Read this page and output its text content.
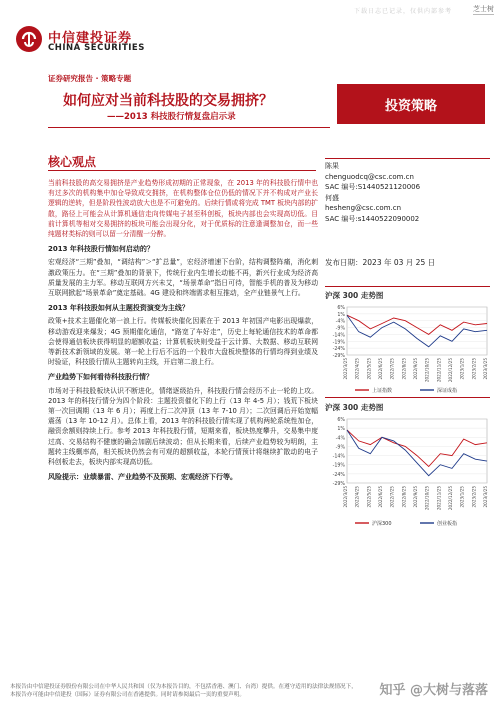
下载日志已记录，仅供内部参考	芝士树
中信建投证券
CHINA SECURITIES
证券研究报告 · 策略专题
如何应对当前科技股的交易拥挤？
——2013 科技股行情复盘启示录
投资策略
核心观点

当前科技股的高交易拥挤是产业趋势形成初期的正常现象，在 2013 年的科技股行情中也有过多次的机构集中加仓导致成交拥挤，在机构整体仓位仍低的情况下并不构成对产业长逻辑的逆转，但是阶段性波动放大也是不可避免的。后续行情或将完成 TMT 板块内部的扩散，路径上可能会从计算机通信走向传媒电子甚至科创板，板块内部也会实现高切低。目前计算机等相对交易拥挤的板块可能会出现分化，对于优质标的注意逢调整加仓，而一些纯题材类标的则可以留一分清醒一分醉。

2013 年科技股行情如何启动的？

宏观经济“三期”叠加，“调结构”＞“扩总量”，宏经济增速下台阶，结构调整阵痛，消化刺激政策压力。在“三期”叠加的背景下，传统行业内生增长动能不再，新兴行业成为经济高质量发展的主力军。移动互联网方兴未艾，“场景革命”指日可待，智能手机的普及为移动互联网掀起“场景革命”奠定基础。4G 建设和终端需求相互推动，全产业链景气上行。

2013 年科技股如何从主题投资演变为主线？

政策+技术主题催化第一浪上行。传媒板块催化因素在于 2013 年初国产电影出现爆款，移动游戏迎来爆发；4G 预期催化通信，“路宽了车好走”，历史上每轮通信技术的革命都会使得通信板块获得明显的超额收益；计算机板块则受益于云计算、大数据、移动互联网等新技术新领域的发展。第一轮上行后不远的一个股市大盘板块整体的行情均得到业绩及时验证，科技股行情从主题转向主线，开启第二浪上行。

产业趋势下如何看待科技股行情？

市场对于科技股板块认识不断进化，情绪逐级抬升，科技股行情会经历不止一轮的上攻。2013 年的科技行情分为四个阶段：主题投资催化下的上行（13 年 4-5 月）；钱荒下板块第一次回调期（13 年 6 月）；再度上行二次冲顶（13 年 7-10 月）；二次回调后开始宽幅震荡（13 年 10-12 月）。总体上看，2013 年的科技股行情实现了机构两轮系统性加仓，融资余额则持续上行。参考 2013 年科技股行情，短期来看，板块热度攀升，交易集中度过高、交易结构不健康的确会加剧后续波动；但从长期来看，后续产业趋势较为明朗，主题转主线概率高，相关板块仍然会有可观的超额收益，本轮行情预计将继续扩散动的电子科创板走去，板块内部实现高切低。

风险提示：业绩暴雷、产业趋势不及预期、宏观经济下行等。
陈果
chenguodcq@csc.com.cn
SAC 编号:S1440521120006
何盛
hesheng@csc.com.cn
SAC 编号:s1440522090002
发布日期：2023 年 03 月 25 日
沪深 300 走势图
6%
1%
-4%
-9%
-14%
-19%
-24%
-29%
2022/3/25 2022/4/25 2022/5/25 2022/6/25 2022/7/25 2022/8/25 2022/9/25 2022/10/25 2022/11/25 2022/12/25 2023/1/25 2023/2/25 2023/3/25
上证指数	深证成指
沪深 300 走势图
6%
1%
-4%
-9%
-14%
-19%
-24%
-29%
2022/3/25 2022/4/25 2022/5/25 2022/6/25 2022/7/25 2022/8/25 2022/9/25 2022/10/25 2022/11/25 2022/12/25 2023/1/25 2023/2/25 2023/3/25
沪深300	创业板指
本报告由中信建投证券股份有限公司在中华人民共和国（仅为本报告目的，不包括香港、澳门、台湾）提供。在遵守适用的法律法规情况下，
本报告亦可能由中信建投（国际）证券有限公司在香港提供。同时请参阅最后一页的重要声明。	知乎 @大树与落落
